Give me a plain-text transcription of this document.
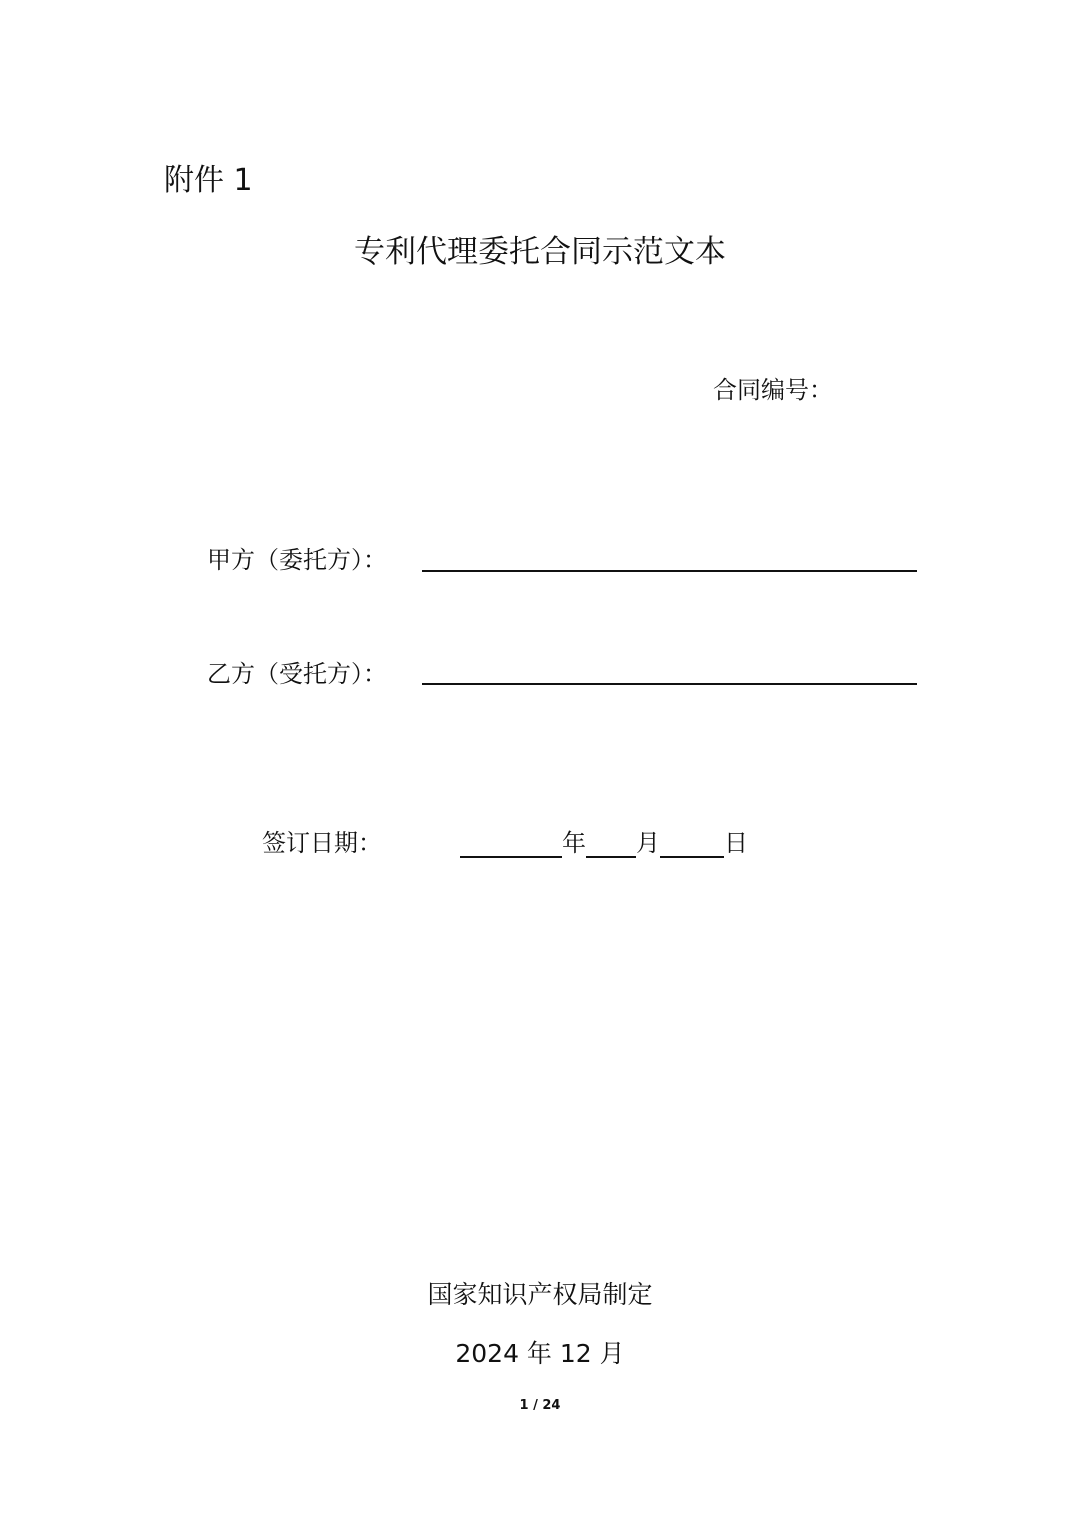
附件 1
专利代理委托合同示范文本
合同编号：
甲方（委托方）：
乙方（受托方）：
签订日期：	年 月	日
国家知识产权局制定
2024 年 12 月
1 / 24
